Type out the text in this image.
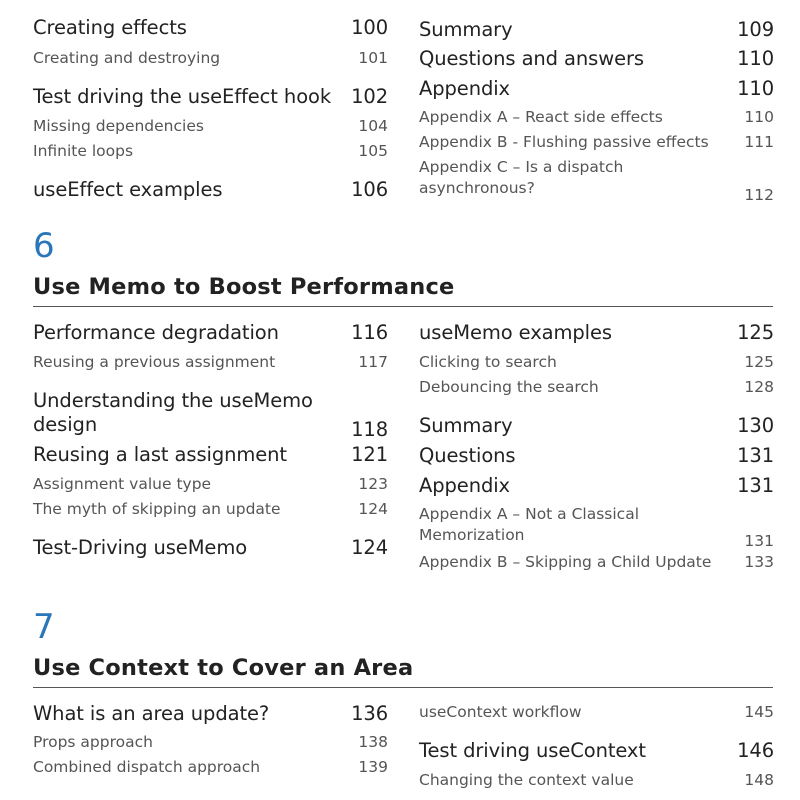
Creating effects	100
Creating and destroying	101
Test driving the useEffect hook 102
Missing dependencies	104
Infinite loops	105
useEffect examples	106
Summary	109
Questions and answers	110
Appendix	110
Appendix A – React side effects	110
Appendix B - Flushing passive effects 111
Appendix C – Is a dispatch
asynchronous?	112
6
Use Memo to Boost Performance
Performance degradation	116
Reusing a previous assignment	117
Understanding the useMemo
design	118
Reusing a last assignment	121
Assignment value type	123
The myth of skipping an update	124
Test-Driving useMemo	124
useMemo examples	125
Clicking to search	125
Debouncing the search	128
Summary	130
Questions	131
Appendix	131
Appendix A – Not a Classical
Memorization	131
Appendix B – Skipping a Child Update 133
7
Use Context to Cover an Area
What is an area update?	136
Props approach	138
Combined dispatch approach	139
useContext workflow	145
Test driving useContext	146
Changing the context value	148
